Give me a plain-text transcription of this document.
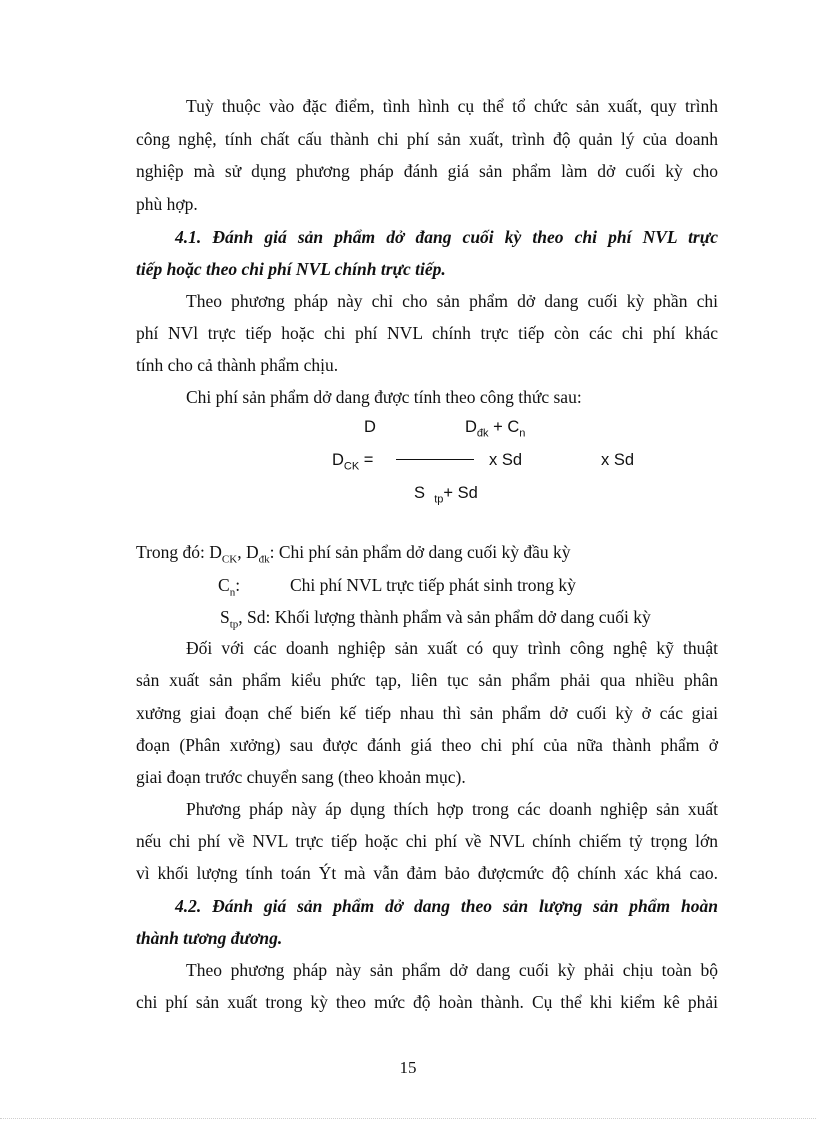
Tuỳ thuộc vào đặc điểm, tình hình cụ thể tổ chức sản xuất, quy trình
công nghệ, tính chất cấu thành chi phí sản xuất, trình độ quản lý của doanh
nghiệp mà sử dụng phương pháp đánh giá sản phẩm làm dở cuối kỳ cho
phù hợp.
4.1. Đánh giá sản phẩm dở đang cuối kỳ theo chi phí NVL trực
tiếp hoặc theo chi phí NVL chính trực tiếp.
Theo phương pháp này chỉ cho sản phẩm dở dang cuối kỳ phần chi
phí NVl trực tiếp hoặc chi phí NVL chính trực tiếp còn các chi phí khác
tính cho cả thành phẩm chịu.
Chi phí sản phẩm dở dang được tính theo công thức sau:
D	$D_{đk} + C_n$
$D_{CK}$ =	x Sd	x Sd
S $_{tp}$+ Sd
Trong đó: $D_{CK}$, $D_{đk}$: Chi phí sản phẩm dở dang cuối kỳ đầu kỳ
$C_n$:	Chi phí NVL trực tiếp phát sinh trong kỳ
$S_{tp}$, Sd: Khối lượng thành phẩm và sản phẩm dở dang cuối kỳ
Đối với các doanh nghiệp sản xuất có quy trình công nghệ kỹ thuật
sản xuất sản phẩm kiểu phức tạp, liên tục sản phẩm phải qua nhiều phân
xưởng giai đoạn chế biến kế tiếp nhau thì sản phẩm dở cuối kỳ ở các giai
đoạn (Phân xưởng) sau được đánh giá theo chi phí của nữa thành phẩm ở
giai đoạn trước chuyển sang (theo khoản mục).
Phương pháp này áp dụng thích hợp trong các doanh nghiệp sản xuất
nếu chi phí về NVL trực tiếp hoặc chi phí về NVL chính chiếm tỷ trọng lớn
vì khối lượng tính toán Ýt mà vẫn đảm bảo đượcmức độ chính xác khá cao.
4.2. Đánh giá sản phẩm dở dang theo sản lượng sản phẩm hoàn
thành tương đương.
Theo phương pháp này sản phẩm dở dang cuối kỳ phải chịu toàn bộ
chi phí sản xuất trong kỳ theo mức độ hoàn thành. Cụ thể khi kiểm kê phải
15
